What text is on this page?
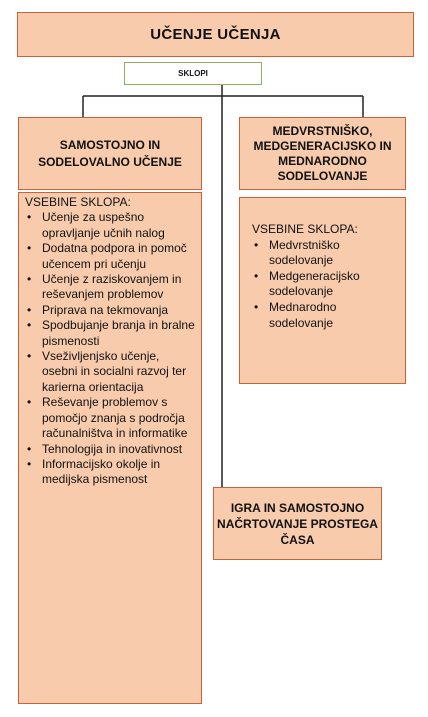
UČENJE UČENJA
SKLOPI
SAMOSTOJNO IN SODELOVALNO UČENJE
MEDVRSTNIŠKO, MEDGENERACIJSKO IN MEDNARODNO SODELOVANJE

VSEBINE SKLOPA:

• Učenje za uspešno opravljanje učnih nalog
• Dodatna podpora in pomoč učencem pri učenju
• Učenje z raziskovanjem in reševanjem problemov
• Priprava na tekmovanja
• Spodbujanje branja in bralne pismenosti
• Vseživljenjsko učenje, osebni in socialni razvoj ter karierna orientacija
• Reševanje problemov s pomočjo znanja s področja računalništva in informatike
• Tehnologija in inovativnost
• Informacijsko okolje in medijska pismenost

VSEBINE SKLOPA:

• Medvrstniško sodelovanje
• Medgeneracijsko sodelovanje
• Mednarodno sodelovanje
IGRA IN SAMOSTOJNO NAČRTOVANJE PROSTEGA ČASA
